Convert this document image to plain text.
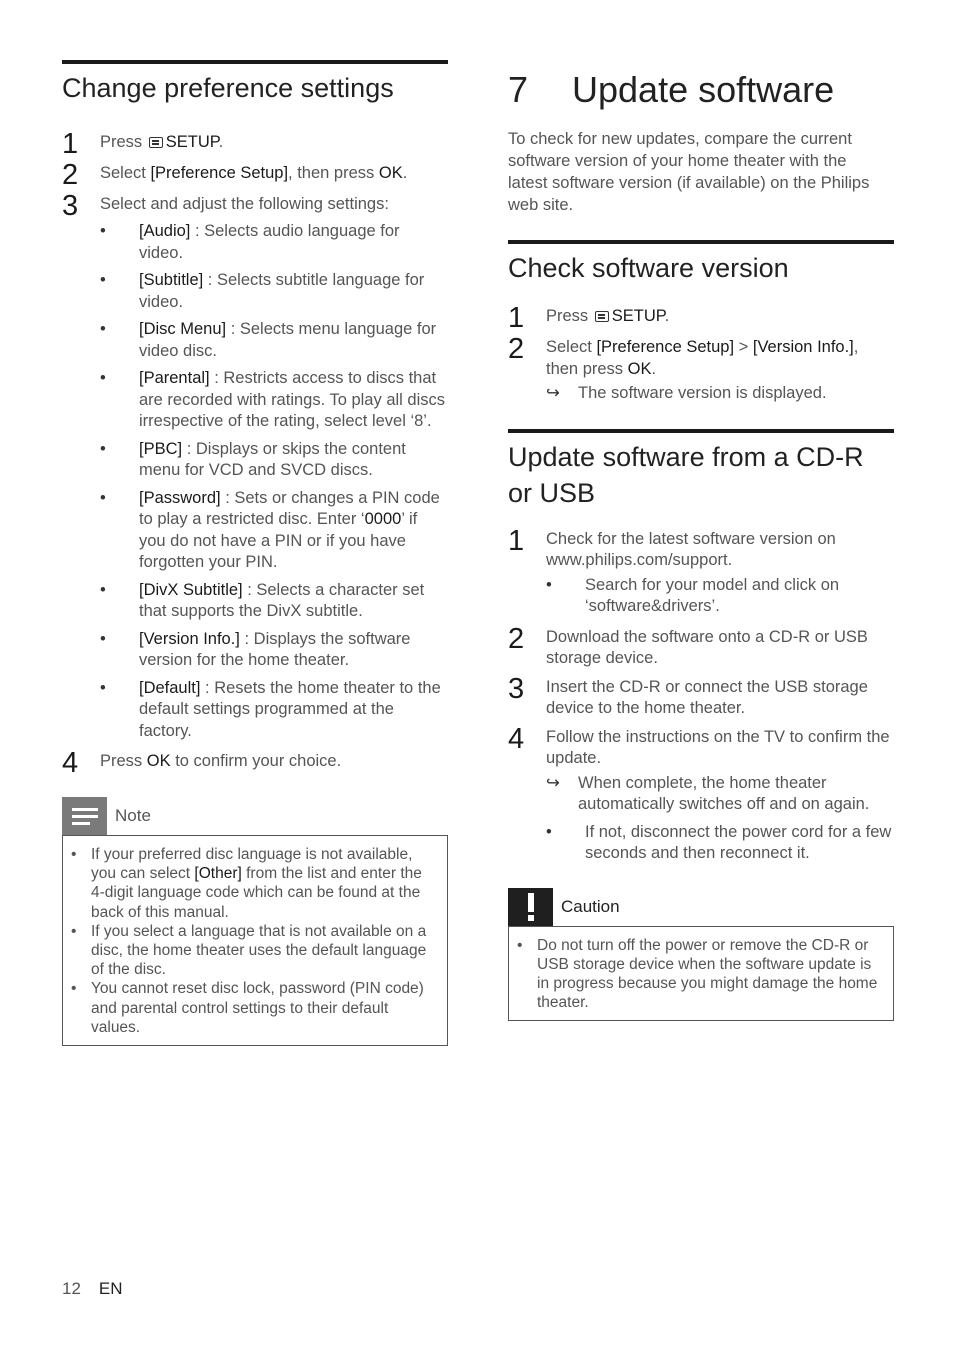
Change preference settings
1	Press SETUP.
2	Select [Preference Setup], then press OK.
3	Select and adjust the following settings:
•	[Audio] : Selects audio language for video.
•	[Subtitle] : Selects subtitle language for video.
•	[Disc Menu] : Selects menu language for video disc.
•	[Parental] : Restricts access to discs that are recorded with ratings. To play all discs irrespective of the rating, select level ‘8’.
•	[PBC] : Displays or skips the content menu for VCD and SVCD discs.
•	[Password] : Sets or changes a PIN code to play a restricted disc. Enter ‘0000’ if you do not have a PIN or if you have forgotten your PIN.
•	[DivX Subtitle] : Selects a character set that supports the DivX subtitle.
•	[Version Info.] : Displays the software version for the home theater.
•	[Default] : Resets the home theater to the default settings programmed at the factory.
4	Press OK to confirm your choice.
Note
• If your preferred disc language is not available, you can select [Other] from the list and enter the 4-digit language code which can be found at the back of this manual.
• If you select a language that is not available on a disc, the home theater uses the default language of the disc.
• You cannot reset disc lock, password (PIN code) and parental control settings to their default values.
7	Update software
To check for new updates, compare the current software version of your home theater with the latest software version (if available) on the Philips web site.
Check software version
1	Press SETUP.
2	Select [Preference Setup] > [Version Info.], then press OK.
↪	The software version is displayed.
Update software from a CD-R or USB
1	Check for the latest software version on www.philips.com/support.
•	Search for your model and click on ‘software&drivers’.
2	Download the software onto a CD-R or USB storage device.
3	Insert the CD-R or connect the USB storage device to the home theater.
4	Follow the instructions on the TV to confirm the update.
↪	When complete, the home theater automatically switches off and on again.
•	If not, disconnect the power cord for a few seconds and then reconnect it.
Caution
• Do not turn off the power or remove the CD-R or USB storage device when the software update is in progress because you might damage the home theater.
12 EN
